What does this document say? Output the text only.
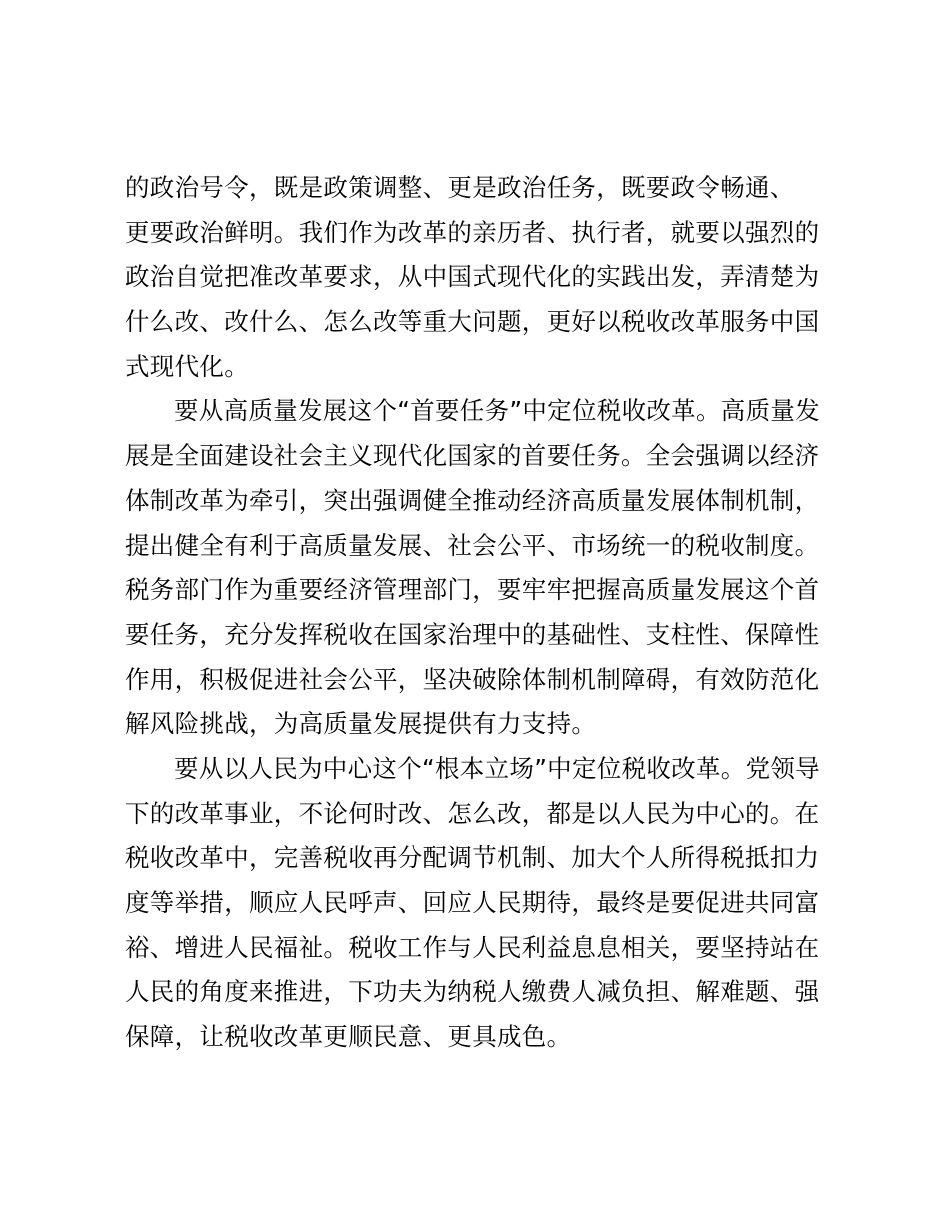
的政治号令，既是政策调整、更是政治任务，既要政令畅通、
更要政治鲜明。我们作为改革的亲历者、执行者，就要以强烈的
政治自觉把准改革要求，从中国式现代化的实践出发，弄清楚为
什么改、改什么、怎么改等重大问题，更好以税收改革服务中国
式现代化。
要从高质量发展这个“首要任务”中定位税收改革。高质量发
展是全面建设社会主义现代化国家的首要任务。全会强调以经济
体制改革为牵引，突出强调健全推动经济高质量发展体制机制，
提出健全有利于高质量发展、社会公平、市场统一的税收制度。
税务部门作为重要经济管理部门，要牢牢把握高质量发展这个首
要任务，充分发挥税收在国家治理中的基础性、支柱性、保障性
作用，积极促进社会公平，坚决破除体制机制障碍，有效防范化
解风险挑战，为高质量发展提供有力支持。
要从以人民为中心这个“根本立场”中定位税收改革。党领导
下的改革事业，不论何时改、怎么改，都是以人民为中心的。在
税收改革中，完善税收再分配调节机制、加大个人所得税抵扣力
度等举措，顺应人民呼声、回应人民期待，最终是要促进共同富
裕、增进人民福祉。税收工作与人民利益息息相关，要坚持站在
人民的角度来推进，下功夫为纳税人缴费人减负担、解难题、强
保障，让税收改革更顺民意、更具成色。
